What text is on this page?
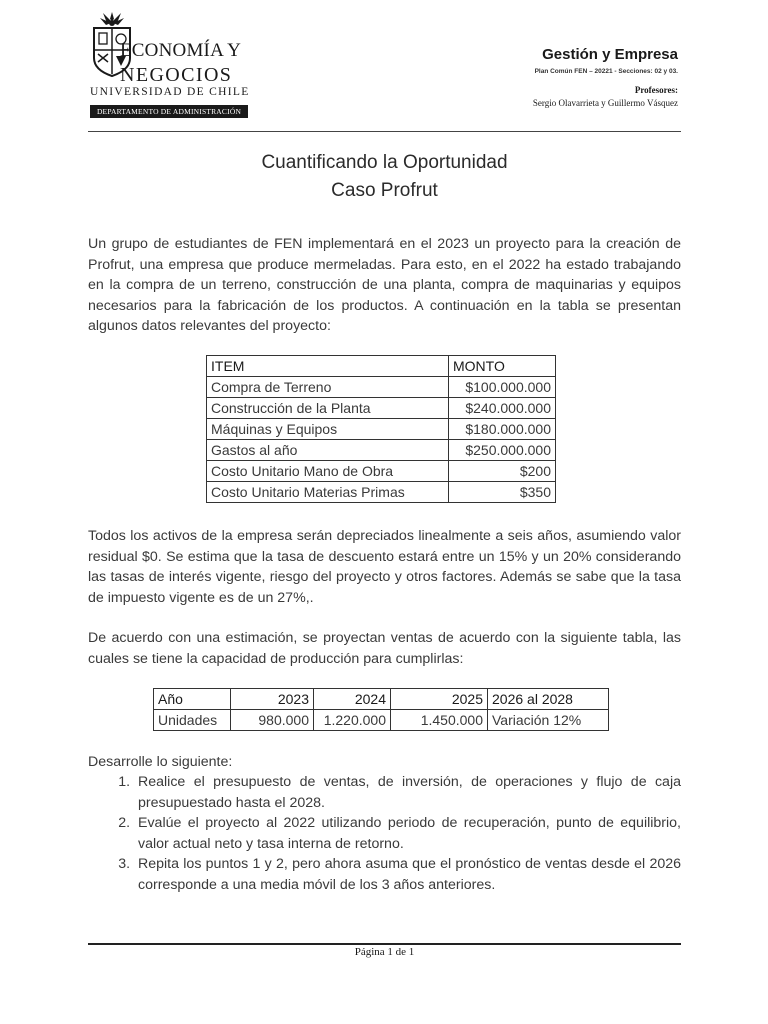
ECONOMÍA Y
NEGOCIOS
UNIVERSIDAD DE CHILE
DEPARTAMENTO DE ADMINISTRACIÓN
Gestión y Empresa
Plan Común FEN – 20221 - Secciones: 02 y 03.
Profesores:
Sergio Olavarrieta y Guillermo Vásquez
Cuantificando la Oportunidad
Caso Profrut
Un grupo de estudiantes de FEN implementará en el 2023 un proyecto para la creación de Profrut, una empresa que produce mermeladas. Para esto, en el 2022 ha estado trabajando en la compra de un terreno, construcción de una planta, compra de maquinarias y equipos necesarios para la fabricación de los productos. A continuación en la tabla se presentan algunos datos relevantes del proyecto:
ITEM	MONTO
Compra de Terreno	$100.000.000
Construcción de la Planta	$240.000.000
Máquinas y Equipos	$180.000.000
Gastos al año	$250.000.000
Costo Unitario Mano de Obra	$200
Costo Unitario Materias Primas	$350
Todos los activos de la empresa serán depreciados linealmente a seis años, asumiendo valor residual $0. Se estima que la tasa de descuento estará entre un 15% y un 20% considerando las tasas de interés vigente, riesgo del proyecto y otros factores. Además se sabe que la tasa de impuesto vigente es de un 27%,.
De acuerdo con una estimación, se proyectan ventas de acuerdo con la siguiente tabla, las cuales se tiene la capacidad de producción para cumplirlas:
Año	2023	2024	2025	2026 al 2028
Unidades	980.000	1.220.000	1.450.000	Variación 12%
Desarrolle lo siguiente:
1. Realice el presupuesto de ventas, de inversión, de operaciones y flujo de caja presupuestado hasta el 2028.
2. Evalúe el proyecto al 2022 utilizando periodo de recuperación, punto de equilibrio, valor actual neto y tasa interna de retorno.
3. Repita los puntos 1 y 2, pero ahora asuma que el pronóstico de ventas desde el 2026 corresponde a una media móvil de los 3 años anteriores.
Página 1 de 1
